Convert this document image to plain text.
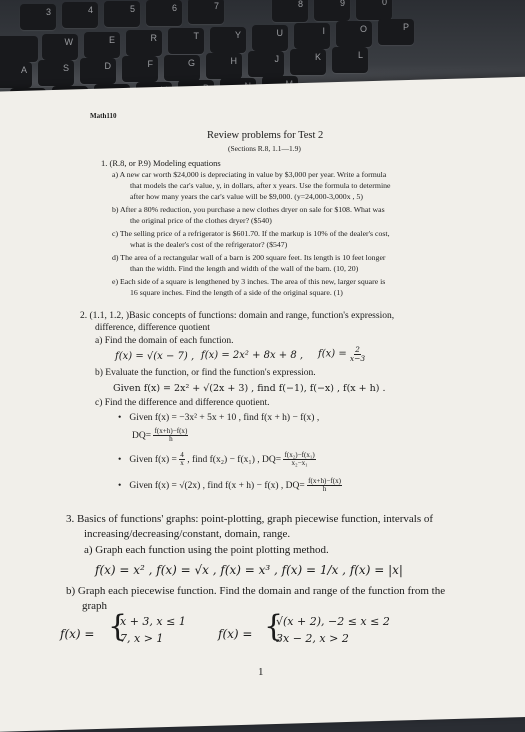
3	4	5	6	7	8	9	0
W	E	R	T	Y	U	I	O	P
A	S	D	F	G	H	J	K	L
Math110
Review problems for Test 2
(Sections R.8, 1.1—1.9)
1. (R.8, or P.9) Modeling equations
a) A new car worth $24,000 is depreciating in value by $3,000 per year. Write a formula
that models the car's value, y, in dollars, after x years. Use the formula to determine
after how many years the car's value will be $9,000. (y=24,000-3,000x , 5)
b) After a 80% reduction, you purchase a new clothes dryer on sale for $108. What was
the original price of the clothes dryer? ($540)
c) The selling price of a refrigerator is $601.70. If the markup is 10% of the dealer's cost,
what is the dealer's cost of the refrigerator? ($547)
d) The area of a rectangular wall of a barn is 200 square feet. Its length is 10 feet longer
than the width. Find the length and width of the wall of the barn. (10, 20)
e) Each side of a square is lengthened by 3 inches. The area of this new, larger square is
16 square inches. Find the length of a side of the original square. (1)
2. (1.1, 1.2, )Basic concepts of functions: domain and range, function's expression,
difference, difference quotient
a) Find the domain of each function.
f(x) = √(x − 7) , f(x) = 2x² + 8x + 8 , $f(x) = \frac{2}{x-3}$
b) Evaluate the function, or find the function's expression.
Given f(x) = 2x² + √(2x + 3) , find f(−1), f(−x) , f(x + h) .
c) Find the difference and difference quotient.
• Given f(x) = −3x² + 5x + 10 , find f(x + h) − f(x) ,
$DQ= \frac{f(x+h)-f(x)}{h}$
• Given $f(x) = \frac{4}{x}$ , find f(x₂) − f(x₁) , $DQ= \frac{\text{f(x₂)−f(x₁)}}{\text{x₂−x₁}}$
• Given f(x) = √(2x) , find f(x + h) − f(x) , $DQ= \frac{f(x+h)-f(x)}{h}$
3. Basics of functions' graphs: point-plotting, graph piecewise function, intervals of
increasing/decreasing/constant, domain, range.
a) Graph each function using the point plotting method.
f(x) = x² , f(x) = √x , f(x) = x³ , f(x) = 1/x , f(x) = |x|
b) Graph each piecewise function. Find the domain and range of the function from the
graph
f(x) = {
x + 3, x ≤ 1
7, x > 1	f(x) = {
√(x + 2), −2 ≤ x ≤ 2
3x − 2, x > 2
1
